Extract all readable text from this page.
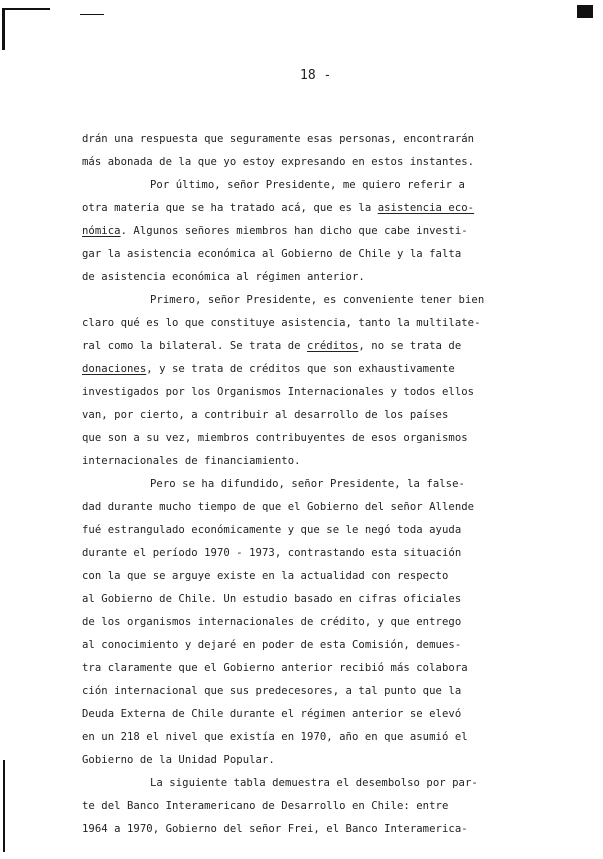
18 -
drán una respuesta que seguramente esas personas, encontrarán
más abonada de la que yo estoy expresando en estos instantes.
Por último, señor Presidente, me quiero referir a
otra materia que se ha tratado acá, que es la asistencia eco-
nómica. Algunos señores miembros han dicho que cabe investi-
gar la asistencia económica al Gobierno de Chile y la falta
de asistencia económica al régimen anterior.
Primero, señor Presidente, es conveniente tener bien
claro qué es lo que constituye asistencia, tanto la multilate-
ral como la bilateral. Se trata de créditos, no se trata de
donaciones, y se trata de créditos que son exhaustivamente
investigados por los Organismos Internacionales y todos ellos
van, por cierto, a contribuir al desarrollo de los países
que son a su vez, miembros contribuyentes de esos organismos
internacionales de financiamiento.
Pero se ha difundido, señor Presidente, la false-
dad durante mucho tiempo de que el Gobierno del señor Allende
fué estrangulado económicamente y que se le negó toda ayuda
durante el período 1970 - 1973, contrastando esta situación
con la que se arguye existe en la actualidad con respecto
al Gobierno de Chile. Un estudio basado en cifras oficiales
de los organismos internacionales de crédito, y que entrego
al conocimiento y dejaré en poder de esta Comisión, demues-
tra claramente que el Gobierno anterior recibió más colabora
ción internacional que sus predecesores, a tal punto que la
Deuda Externa de Chile durante el régimen anterior se elevó
en un 218 el nivel que existía en 1970, año en que asumió el
Gobierno de la Unidad Popular.
La siguiente tabla demuestra el desembolso por par-
te del Banco Interamericano de Desarrollo en Chile: entre
1964 a 1970, Gobierno del señor Frei, el Banco Interamerica-
